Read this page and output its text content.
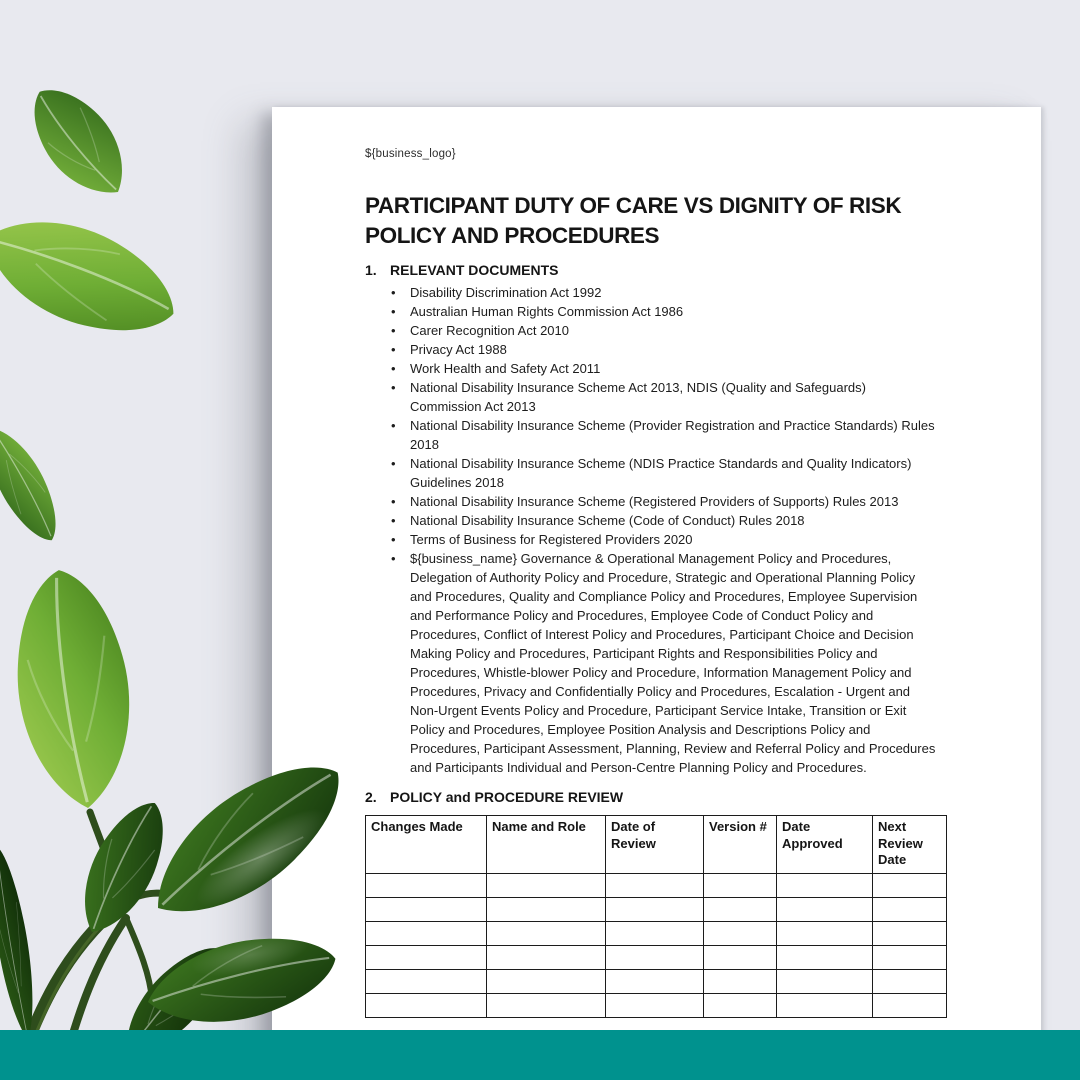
${business_logo}
PARTICIPANT DUTY OF CARE VS DIGNITY OF RISK
POLICY AND PROCEDURES
1. RELEVANT DOCUMENTS
• Disability Discrimination Act 1992
• Australian Human Rights Commission Act 1986
• Carer Recognition Act 2010
• Privacy Act 1988
• Work Health and Safety Act 2011
• National Disability Insurance Scheme Act 2013, NDIS (Quality and Safeguards) Commission Act 2013
• National Disability Insurance Scheme (Provider Registration and Practice Standards) Rules 2018
• National Disability Insurance Scheme (NDIS Practice Standards and Quality Indicators) Guidelines 2018
• National Disability Insurance Scheme (Registered Providers of Supports) Rules 2013
• National Disability Insurance Scheme (Code of Conduct) Rules 2018
• Terms of Business for Registered Providers 2020
• ${business_name} Governance & Operational Management Policy and Procedures, Delegation of Authority Policy and Procedure, Strategic and Operational Planning Policy and Procedures, Quality and Compliance Policy and Procedures, Employee Supervision and Performance Policy and Procedures, Employee Code of Conduct Policy and Procedures, Conflict of Interest Policy and Procedures, Participant Choice and Decision Making Policy and Procedures, Participant Rights and Responsibilities Policy and Procedures, Whistle-blower Policy and Procedure, Information Management Policy and Procedures, Privacy and Confidentially Policy and Procedures, Escalation - Urgent and Non-Urgent Events Policy and Procedure, Participant Service Intake, Transition or Exit Policy and Procedures, Employee Position Analysis and Descriptions Policy and Procedures, Participant Assessment, Planning, Review and Referral Policy and Procedures and Participants Individual and Person-Centre Planning Policy and Procedures.
2. POLICY and PROCEDURE REVIEW
Changes Made	Name and Role	Date of Review	Version #	Date Approved	Next Review Date
